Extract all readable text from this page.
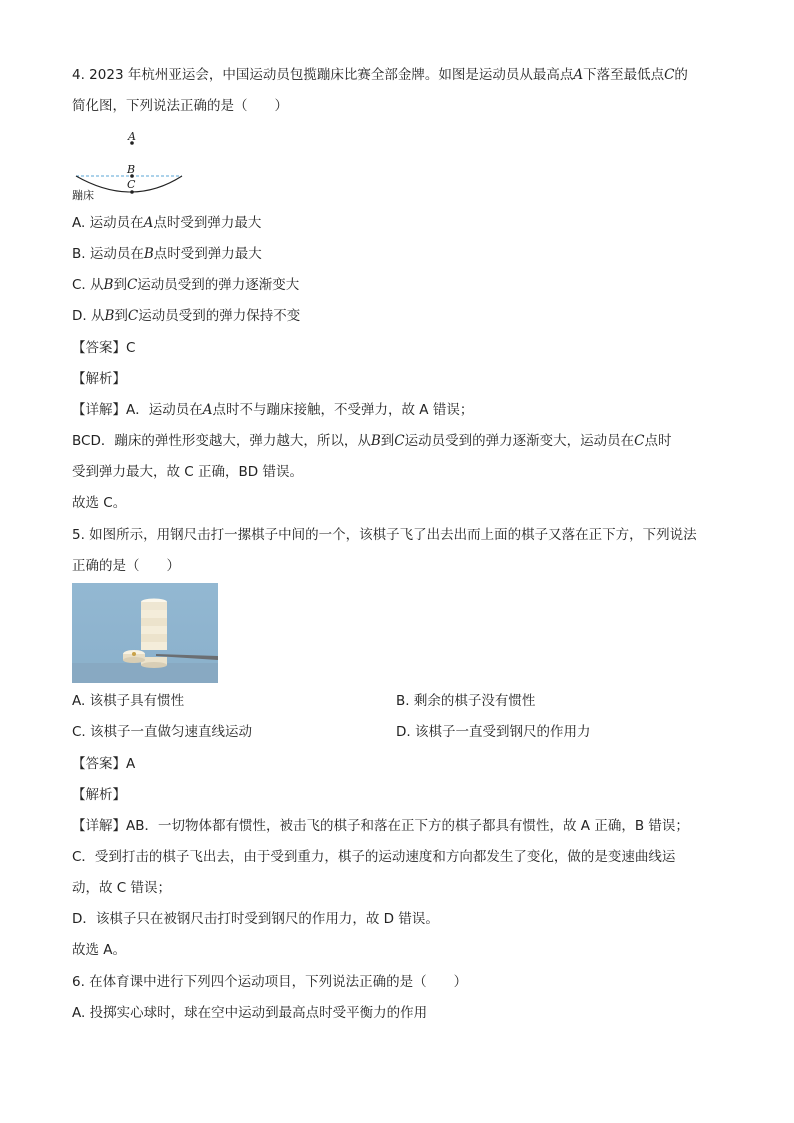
4. 2023 年杭州亚运会，中国运动员包揽蹦床比赛全部金牌。如图是运动员从最高点A下落至最低点C的
简化图，下列说法正确的是（　　）
A
B
C
蹦床
A. 运动员在A点时受到弹力最大
B. 运动员在B点时受到弹力最大
C. 从B到C运动员受到的弹力逐渐变大
D. 从B到C运动员受到的弹力保持不变
【答案】C
【解析】
【详解】A．运动员在A点时不与蹦床接触，不受弹力，故 A 错误；
BCD．蹦床的弹性形变越大，弹力越大，所以，从B到C运动员受到的弹力逐渐变大，运动员在C点时
受到弹力最大，故 C 正确，BD 错误。
故选 C。
5. 如图所示，用钢尺击打一摞棋子中间的一个，该棋子飞了出去出而上面的棋子又落在正下方，下列说法
正确的是（　　）
A. 该棋子具有惯性	B. 剩余的棋子没有惯性
C. 该棋子一直做匀速直线运动	D. 该棋子一直受到钢尺的作用力
【答案】A
【解析】
【详解】AB．一切物体都有惯性，被击飞的棋子和落在正下方的棋子都具有惯性，故 A 正确，B 错误；
C．受到打击的棋子飞出去，由于受到重力，棋子的运动速度和方向都发生了变化，做的是变速曲线运
动，故 C 错误；
D．该棋子只在被钢尺击打时受到钢尺的作用力，故 D 错误。
故选 A。
6. 在体育课中进行下列四个运动项目，下列说法正确的是（　　）
A. 投掷实心球时，球在空中运动到最高点时受平衡力的作用
